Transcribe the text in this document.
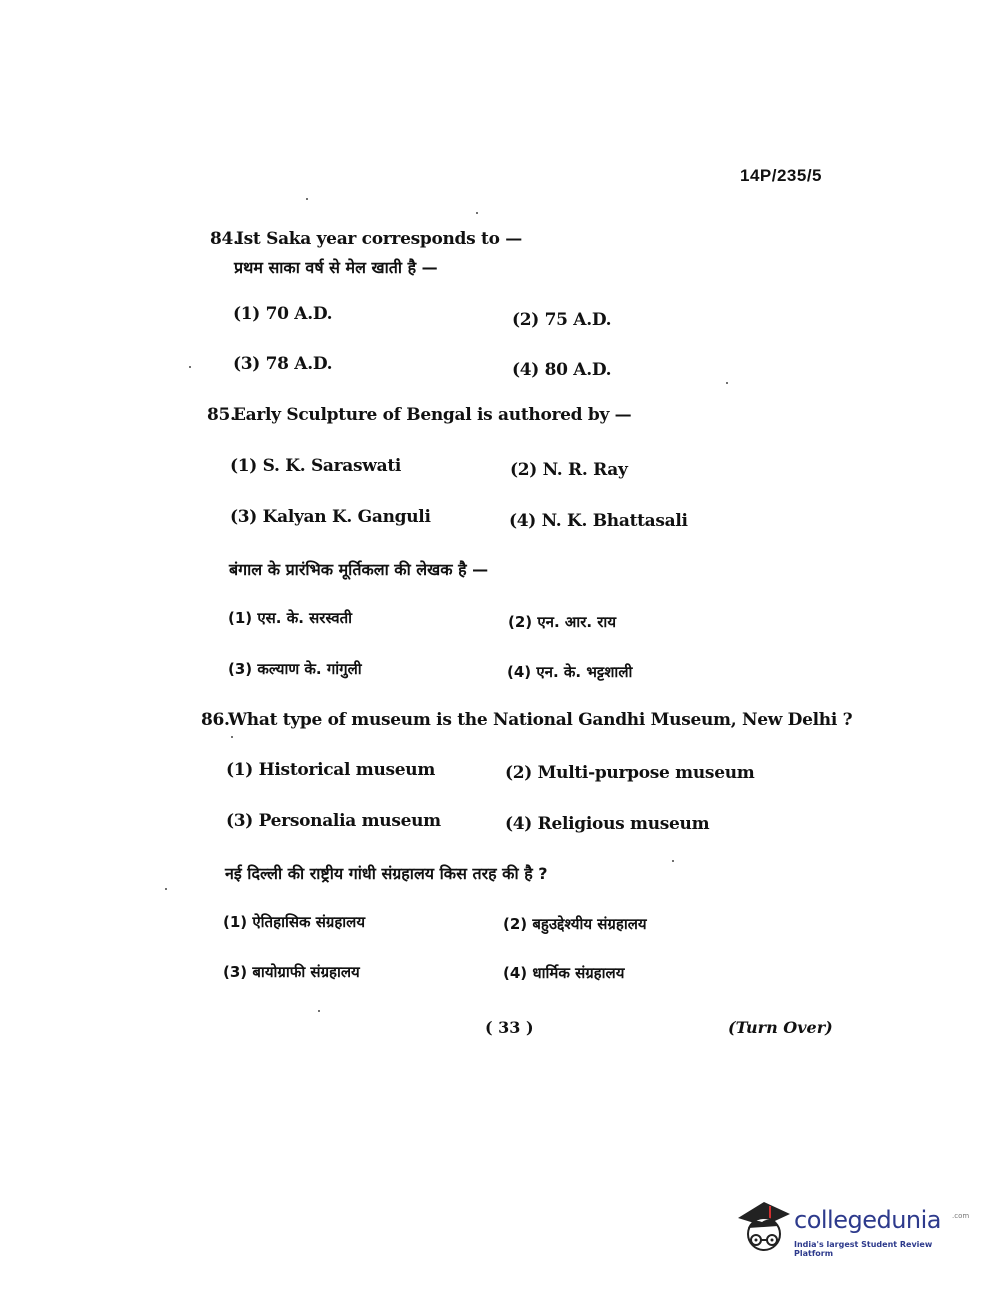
14P/235/5
84.
Ist Saka year corresponds to —
प्रथम साका वर्ष से मेल खाती है —
(1) 70 A.D.	(2) 75 A.D.
(3) 78 A.D.	(4) 80 A.D.
85.
Early Sculpture of Bengal is authored by —
(1) S. K. Saraswati	(2) N. R. Ray
(3) Kalyan K. Ganguli	(4) N. K. Bhattasali
बंगाल के प्रारंभिक मूर्तिकला की लेखक है —
(1) एस. के. सरस्वती	(2) एन. आर. राय
(3) कल्याण के. गांगुली	(4) एन. के. भट्टशाली
86.
What type of museum is the National Gandhi Museum, New Delhi ?
(1) Historical museum	(2) Multi-purpose museum
(3) Personalia museum	(4) Religious museum
नई दिल्ली की राष्ट्रीय गांधी संग्रहालय किस तरह की है ?
(1) ऐतिहासिक संग्रहालय	(2) बहुउद्देश्यीय संग्रहालय
(3) बायोग्राफी संग्रहालय	(4) धार्मिक संग्रहालय
( 33 )	(Turn Over)
collegedunia .com
India's largest Student Review Platform
